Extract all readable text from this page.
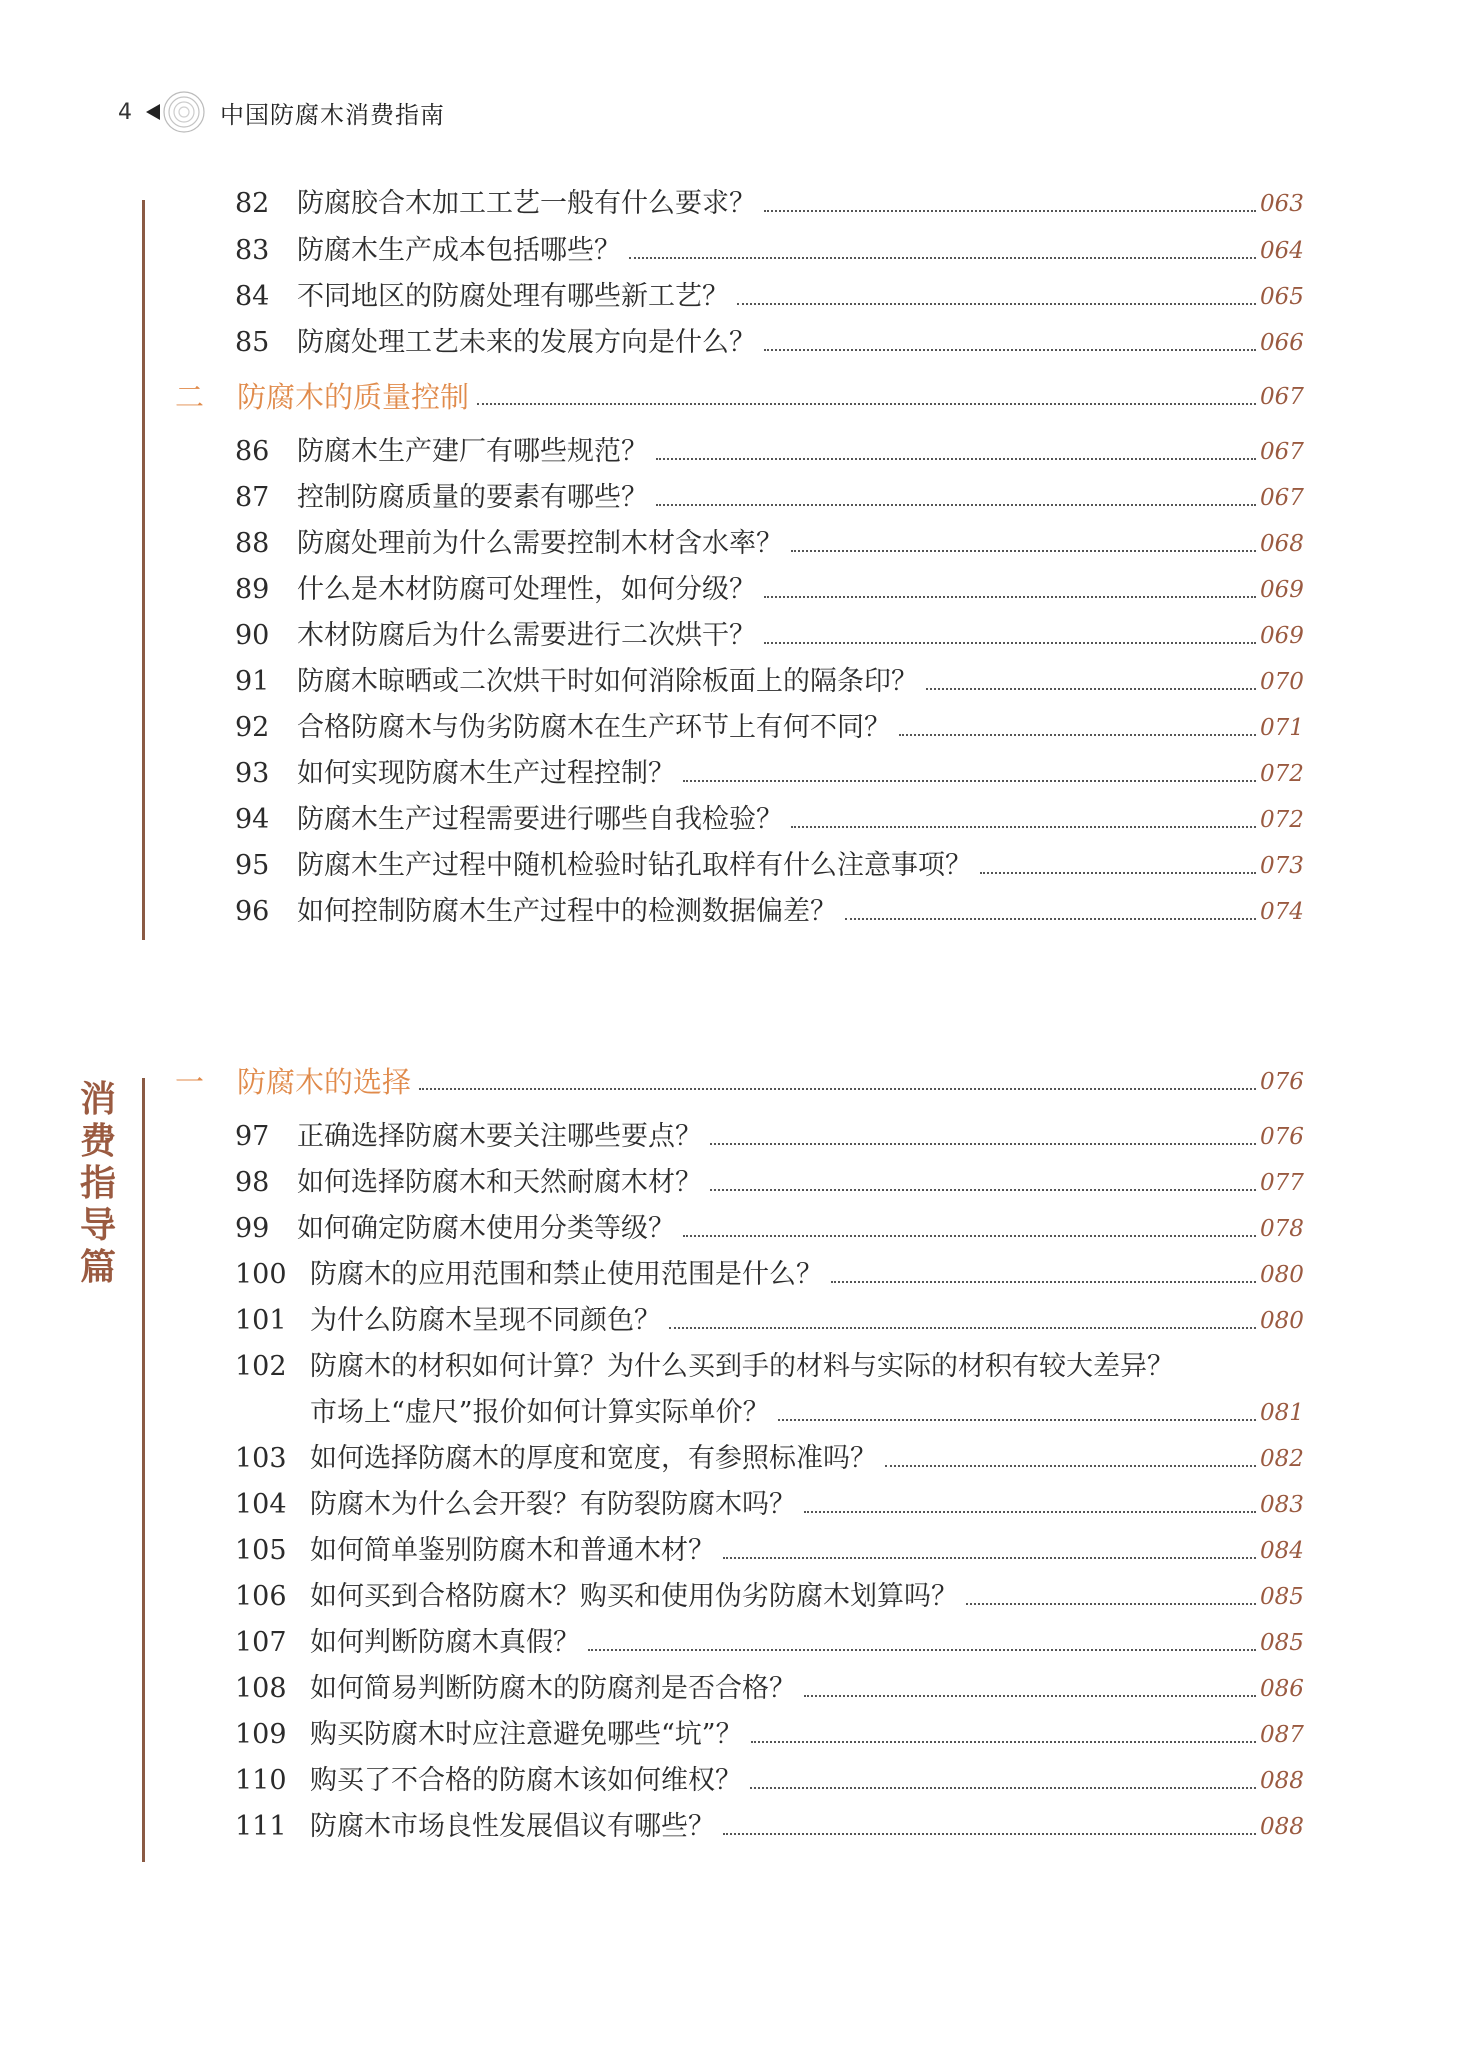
4	中国防腐木消费指南
消
费
指
导
篇
82	防腐胶合木加工工艺一般有什么要求？	063
83	防腐木生产成本包括哪些？	064
84	不同地区的防腐处理有哪些新工艺？	065
85	防腐处理工艺未来的发展方向是什么？	066
二	防腐木的质量控制	067
86	防腐木生产建厂有哪些规范？	067
87	控制防腐质量的要素有哪些？	067
88	防腐处理前为什么需要控制木材含水率？	068
89	什么是木材防腐可处理性，如何分级？	069
90	木材防腐后为什么需要进行二次烘干？	069
91	防腐木晾晒或二次烘干时如何消除板面上的隔条印？	070
92	合格防腐木与伪劣防腐木在生产环节上有何不同？	071
93	如何实现防腐木生产过程控制？	072
94	防腐木生产过程需要进行哪些自我检验？	072
95	防腐木生产过程中随机检验时钻孔取样有什么注意事项？	073
96	如何控制防腐木生产过程中的检测数据偏差？	074
一	防腐木的选择	076
97	正确选择防腐木要关注哪些要点？	076
98	如何选择防腐木和天然耐腐木材？	077
99	如何确定防腐木使用分类等级？	078
100 防腐木的应用范围和禁止使用范围是什么？	080
101 为什么防腐木呈现不同颜色？	080
102 防腐木的材积如何计算？为什么买到手的材料与实际的材积有较大差异？
市场上“虚尺”报价如何计算实际单价？	081
103 如何选择防腐木的厚度和宽度，有参照标准吗？	082
104 防腐木为什么会开裂？有防裂防腐木吗？	083
105 如何简单鉴别防腐木和普通木材？	084
106 如何买到合格防腐木？购买和使用伪劣防腐木划算吗？	085
107 如何判断防腐木真假？	085
108 如何简易判断防腐木的防腐剂是否合格？	086
109 购买防腐木时应注意避免哪些“坑”？	087
110 购买了不合格的防腐木该如何维权？	088
111 防腐木市场良性发展倡议有哪些？	088
